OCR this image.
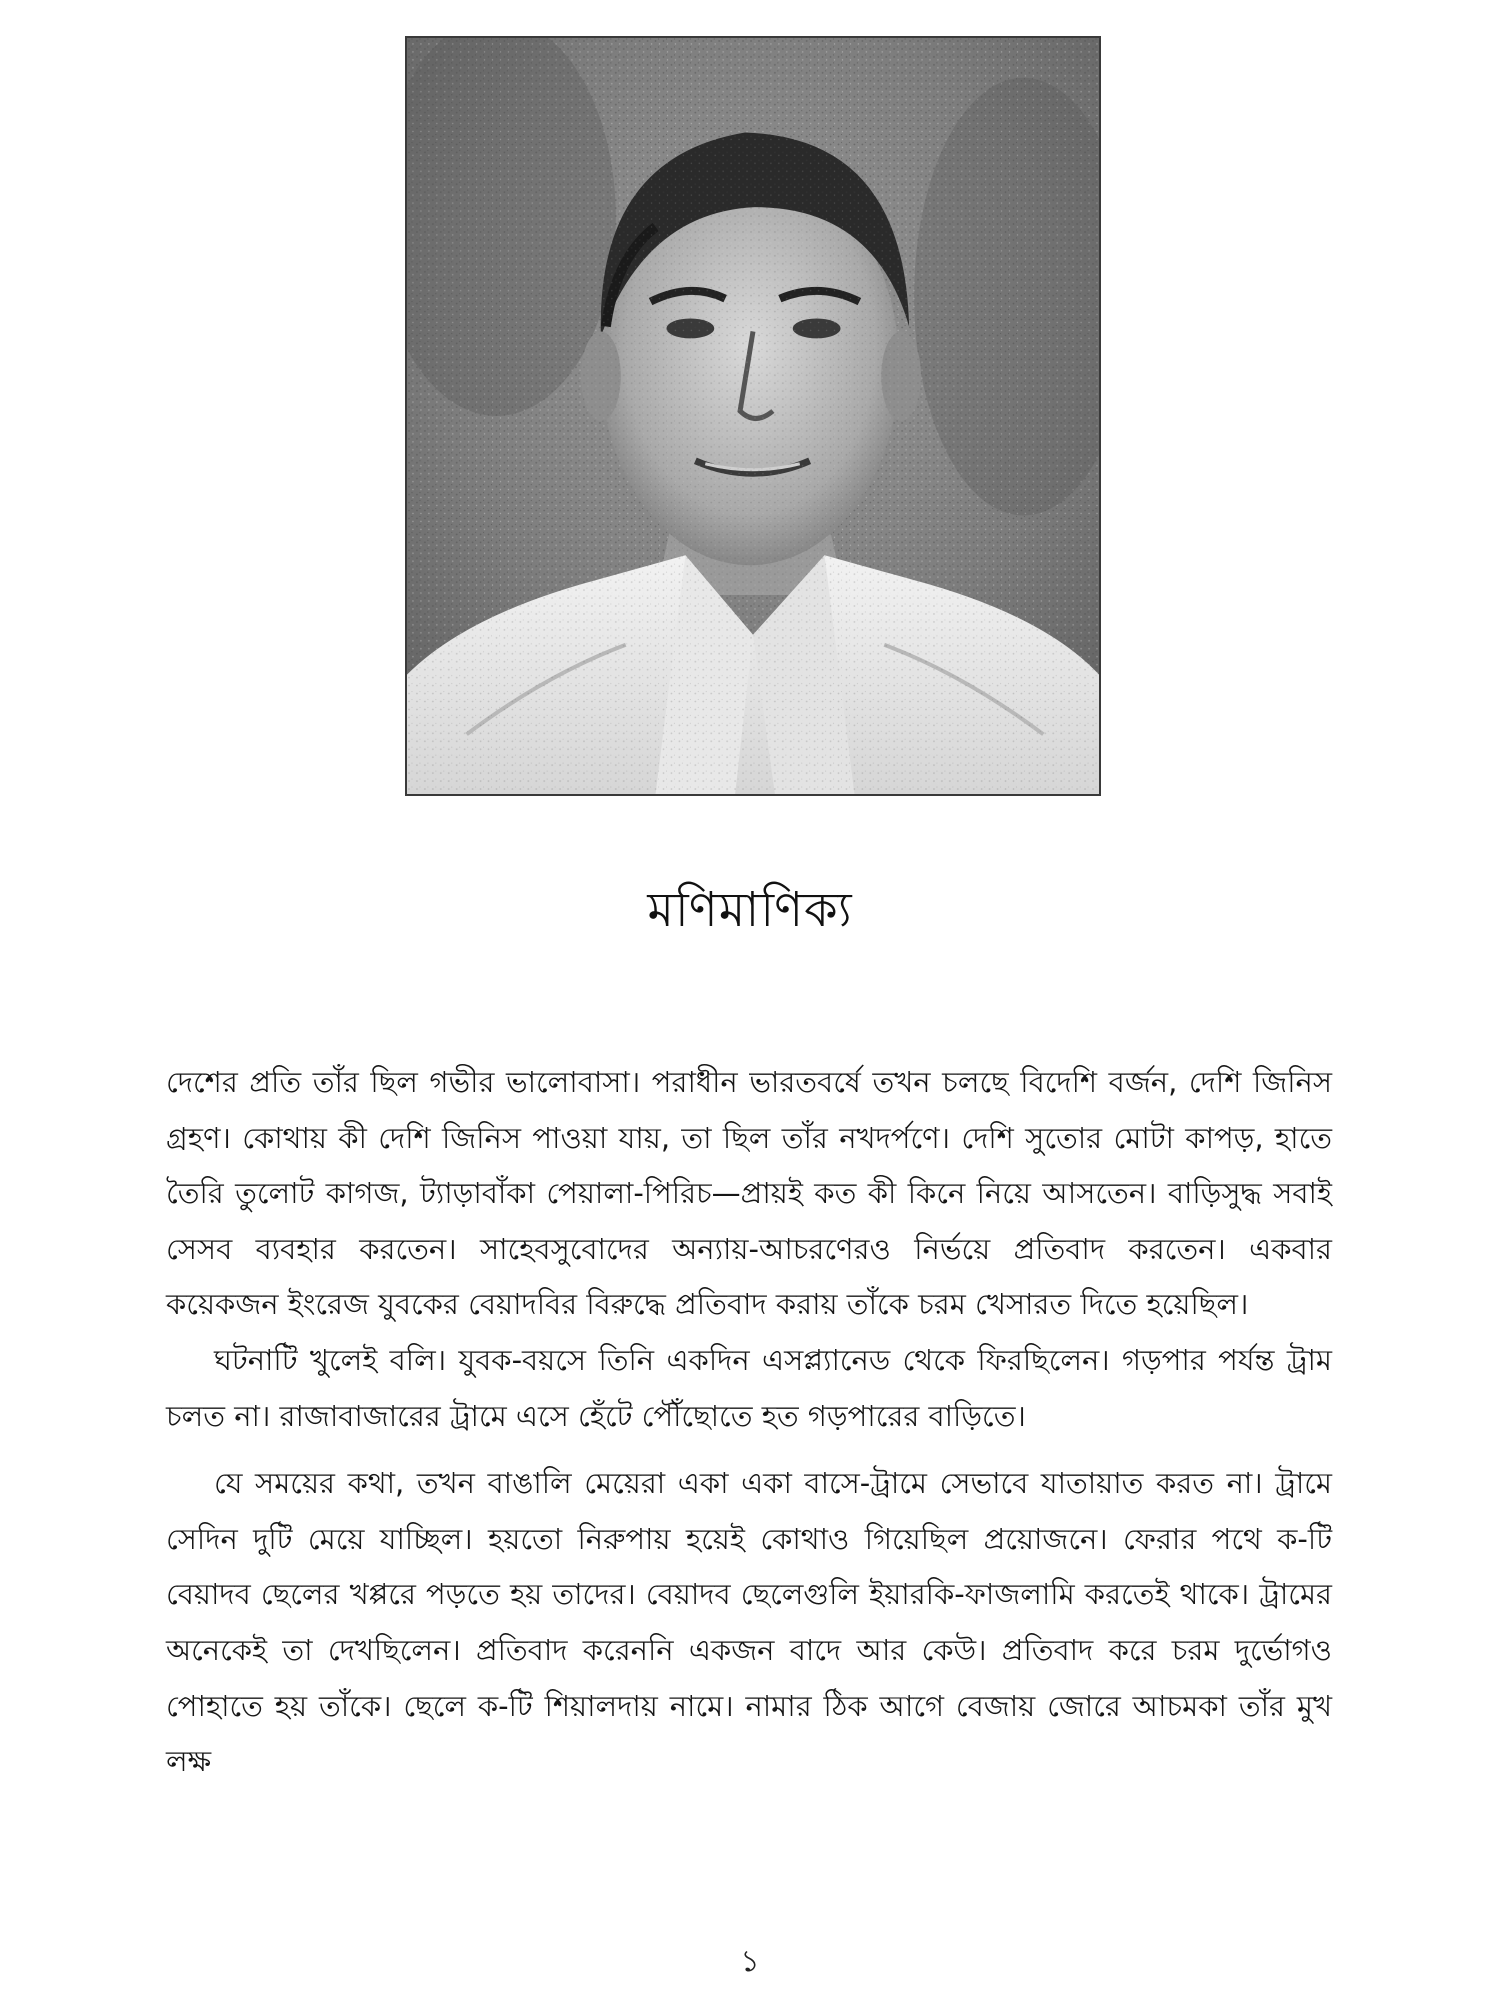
মণিমাণিক্য

দেশের প্রতি তাঁর ছিল গভীর ভালোবাসা। পরাধীন ভারতবর্ষে তখন চলছে বিদেশি বর্জন, দেশি জিনিস গ্রহণ। কোথায় কী দেশি জিনিস পাওয়া যায়, তা ছিল তাঁর নখদর্পণে। দেশি সুতোর মোটা কাপড়, হাতে তৈরি তুলোট কাগজ, ট্যাড়াবাঁকা পেয়ালা-পিরিচ—প্রায়ই কত কী কিনে নিয়ে আসতেন। বাড়িসুদ্ধ সবাই সেসব ব্যবহার করতেন। সাহেবসুবোদের অন্যায়-আচরণেরও নির্ভয়ে প্রতিবাদ করতেন। একবার কয়েকজন ইংরেজ যুবকের বেয়াদবির বিরুদ্ধে প্রতিবাদ করায় তাঁকে চরম খেসারত দিতে হয়েছিল।

ঘটনাটি খুলেই বলি। যুবক-বয়সে তিনি একদিন এসপ্ল্যানেড থেকে ফিরছিলেন। গড়পার পর্যন্ত ট্রাম চলত না। রাজাবাজারের ট্রামে এসে হেঁটে পৌঁছোতে হত গড়পারের বাড়িতে।

যে সময়ের কথা, তখন বাঙালি মেয়েরা একা একা বাসে-ট্রামে সেভাবে যাতায়াত করত না। ট্রামে সেদিন দুটি মেয়ে যাচ্ছিল। হয়তো নিরুপায় হয়েই কোথাও গিয়েছিল প্রয়োজনে। ফেরার পথে ক-টি বেয়াদব ছেলের খপ্পরে পড়তে হয় তাদের। বেয়াদব ছেলেগুলি ইয়ারকি-ফাজলামি করতেই থাকে। ট্রামের অনেকেই তা দেখছিলেন। প্রতিবাদ করেননি একজন বাদে আর কেউ। প্রতিবাদ করে চরম দুর্ভোগও পোহাতে হয় তাঁকে। ছেলে ক-টি শিয়ালদায় নামে। নামার ঠিক আগে বেজায় জোরে আচমকা তাঁর মুখ লক্ষ

১
